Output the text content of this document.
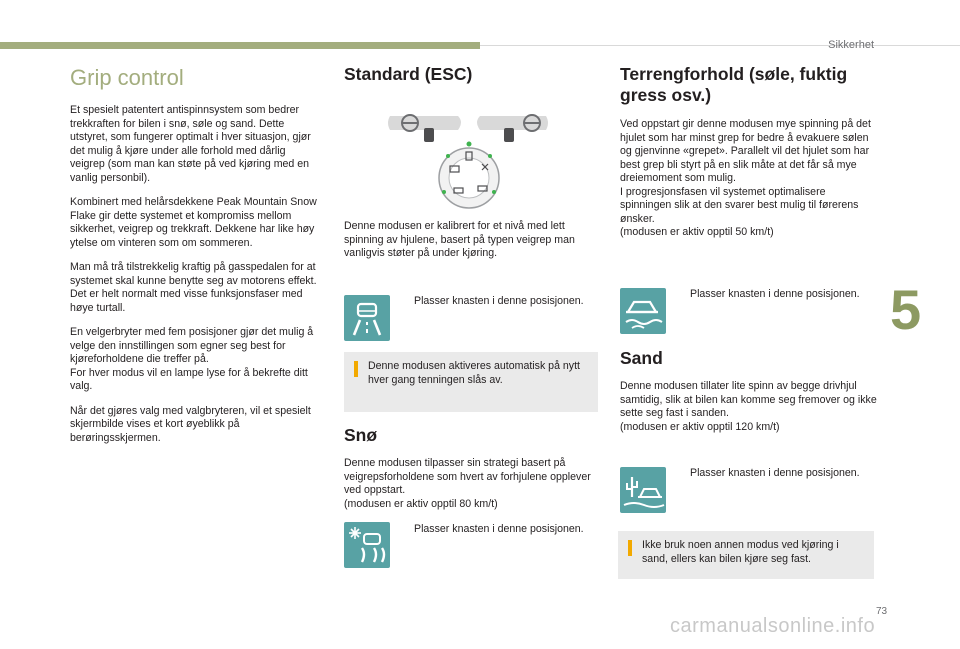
Sikkerhet
5
73
carmanualsonline.info
Grip control

Et spesielt patentert antispinnsystem som bedrer trekkraften for bilen i snø, søle og sand. Dette utstyret, som fungerer optimalt i hver situasjon, gjør det mulig å kjøre under alle forhold med dårlig veigrep (som man kan støte på ved kjøring med en vanlig personbil).

Kombinert med helårsdekkene Peak Mountain Snow Flake gir dette systemet et kompromiss mellom sikkerhet, veigrep og trekkraft. Dekkene har like høy ytelse om vinteren som om sommeren.

Man må trå tilstrekkelig kraftig på gasspedalen for at systemet skal kunne benytte seg av motorens effekt. Det er helt normalt med visse funksjonsfaser med høye turtall.

En velgerbryter med fem posisjoner gjør det mulig å velge den innstillingen som egner seg best for kjøreforholdene die treffer på.

For hver modus vil en lampe lyse for å bekrefte ditt valg.

Når det gjøres valg med valgbryteren, vil et spesielt skjermbilde vises et kort øyeblikk på berøringsskjermen.

Standard (ESC)

Denne modusen er kalibrert for et nivå med lett spinning av hjulene, basert på typen veigrep man vanligvis støter på under kjøring.

Plasser knasten i denne posisjonen.

Denne modusen aktiveres automatisk på nytt hver gang tenningen slås av.

Snø

Denne modusen tilpasser sin strategi basert på veigrepsforholdene som hvert av forhjulene opplever ved oppstart.

(modusen er aktiv opptil 80 km/t)

Plasser knasten i denne posisjonen.
Terrengforhold (søle, fuktig
gress osv.)

Ved oppstart gir denne modusen mye spinning på det hjulet som har minst grep for bedre å evakuere sølen og gjenvinne «grepet». Parallelt vil det hjulet som har best grep bli styrt på en slik måte at det får så mye dreiemoment som mulig.

I progresjonsfasen vil systemet optimalisere spinningen slik at den svarer best mulig til førerens ønsker.

(modusen er aktiv opptil 50 km/t)

Plasser knasten i denne posisjonen.
Sand

Denne modusen tillater lite spinn av begge drivhjul samtidig, slik at bilen kan komme seg fremover og ikke sette seg fast i sanden.

(modusen er aktiv opptil 120 km/t)

Plasser knasten i denne posisjonen.

Ikke bruk noen annen modus ved kjøring i sand, ellers kan bilen kjøre seg fast.
